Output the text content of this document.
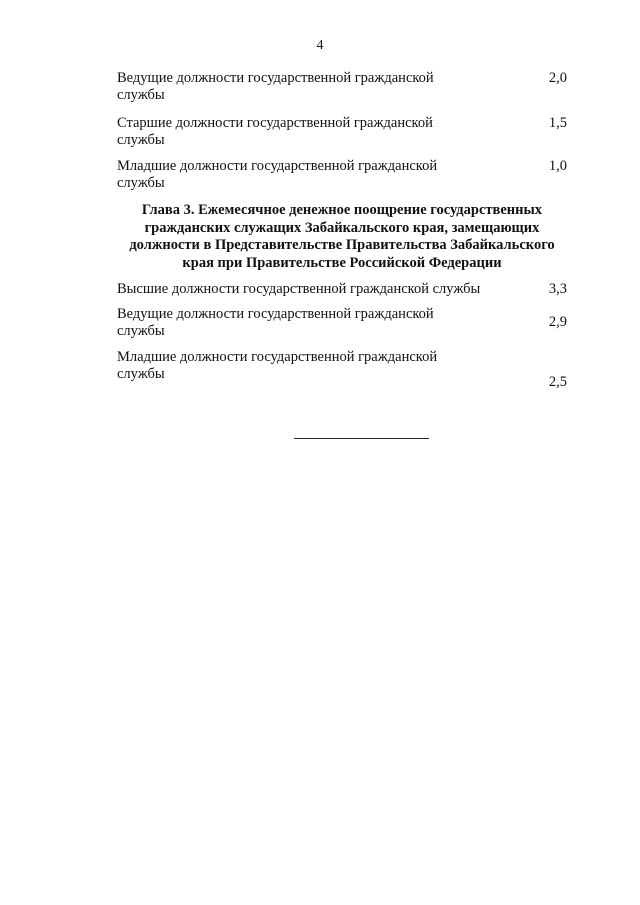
4
Ведущие должности государственной гражданской службы
2,0
Старшие должности государственной гражданской службы
1,5
Младшие должности государственной гражданской службы
1,0
Глава 3. Ежемесячное денежное поощрение государственных гражданских служащих Забайкальского края, замещающих должности в Представительстве Правительства Забайкальского края при Правительстве Российской Федерации
Высшие должности государственной гражданской службы	3,3
Ведущие должности государственной гражданской службы
2,9
Младшие должности государственной гражданской службы	2,5
